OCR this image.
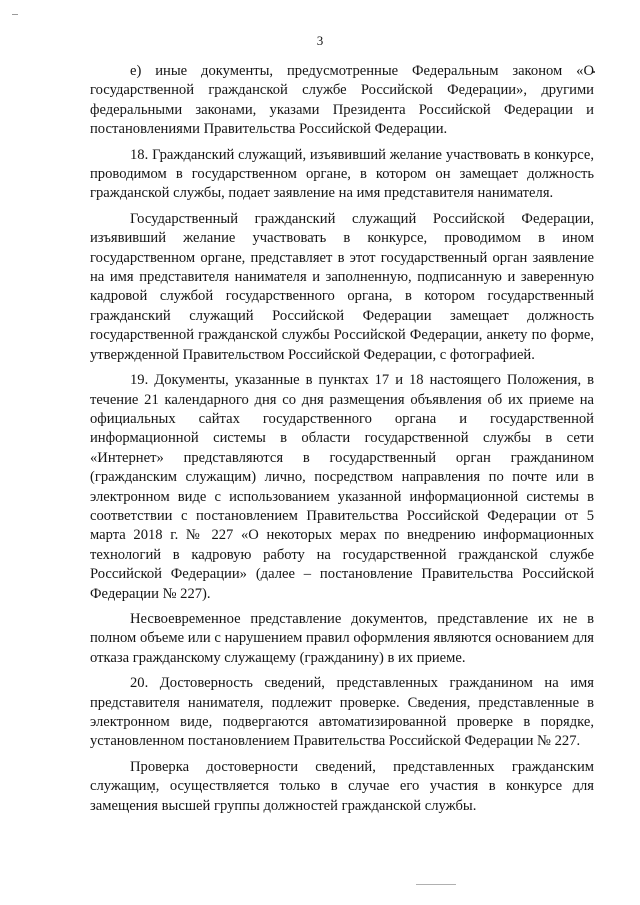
3

е) иные документы, предусмотренные Федеральным законом «О государственной гражданской службе Российской Федерации», другими федеральными законами, указами Президента Российской Федерации и постановлениями Правительства Российской Федерации.

18. Гражданский служащий, изъявивший желание участвовать в конкурсе, проводимом в государственном органе, в котором он замещает должность гражданской службы, подает заявление на имя представителя нанимателя.

Государственный гражданский служащий Российской Федерации, изъявивший желание участвовать в конкурсе, проводимом в ином государственном органе, представляет в этот государственный орган заявление на имя представителя нанимателя и заполненную, подписанную и заверенную кадровой службой государственного органа, в котором государственный гражданский служащий Российской Федерации замещает должность государственной гражданской службы Российской Федерации, анкету по форме, утвержденной Правительством Российской Федерации, с фотографией.

19. Документы, указанные в пунктах 17 и 18 настоящего Положения, в течение 21 календарного дня со дня размещения объявления об их приеме на официальных сайтах государственного органа и государственной информационной системы в области государственной службы в сети «Интернет» представляются в государственный орган гражданином (гражданским служащим) лично, посредством направления по почте или в электронном виде с использованием указанной информационной системы в соответствии с постановлением Правительства Российской Федерации от 5 марта 2018 г. № 227 «О некоторых мерах по внедрению информационных технологий в кадровую работу на государственной гражданской службе Российской Федерации» (далее – постановление Правительства Российской Федерации № 227).

Несвоевременное представление документов, представление их не в полном объеме или с нарушением правил оформления являются основанием для отказа гражданскому служащему (гражданину) в их приеме.

20. Достоверность сведений, представленных гражданином на имя представителя нанимателя, подлежит проверке. Сведения, представленные в электронном виде, подвергаются автоматизированной проверке в порядке, установленном постановлением Правительства Российской Федерации № 227.

Проверка достоверности сведений, представленных гражданским служащим, осуществляется только в случае его участия в конкурсе для замещения высшей группы должностей гражданской службы.
